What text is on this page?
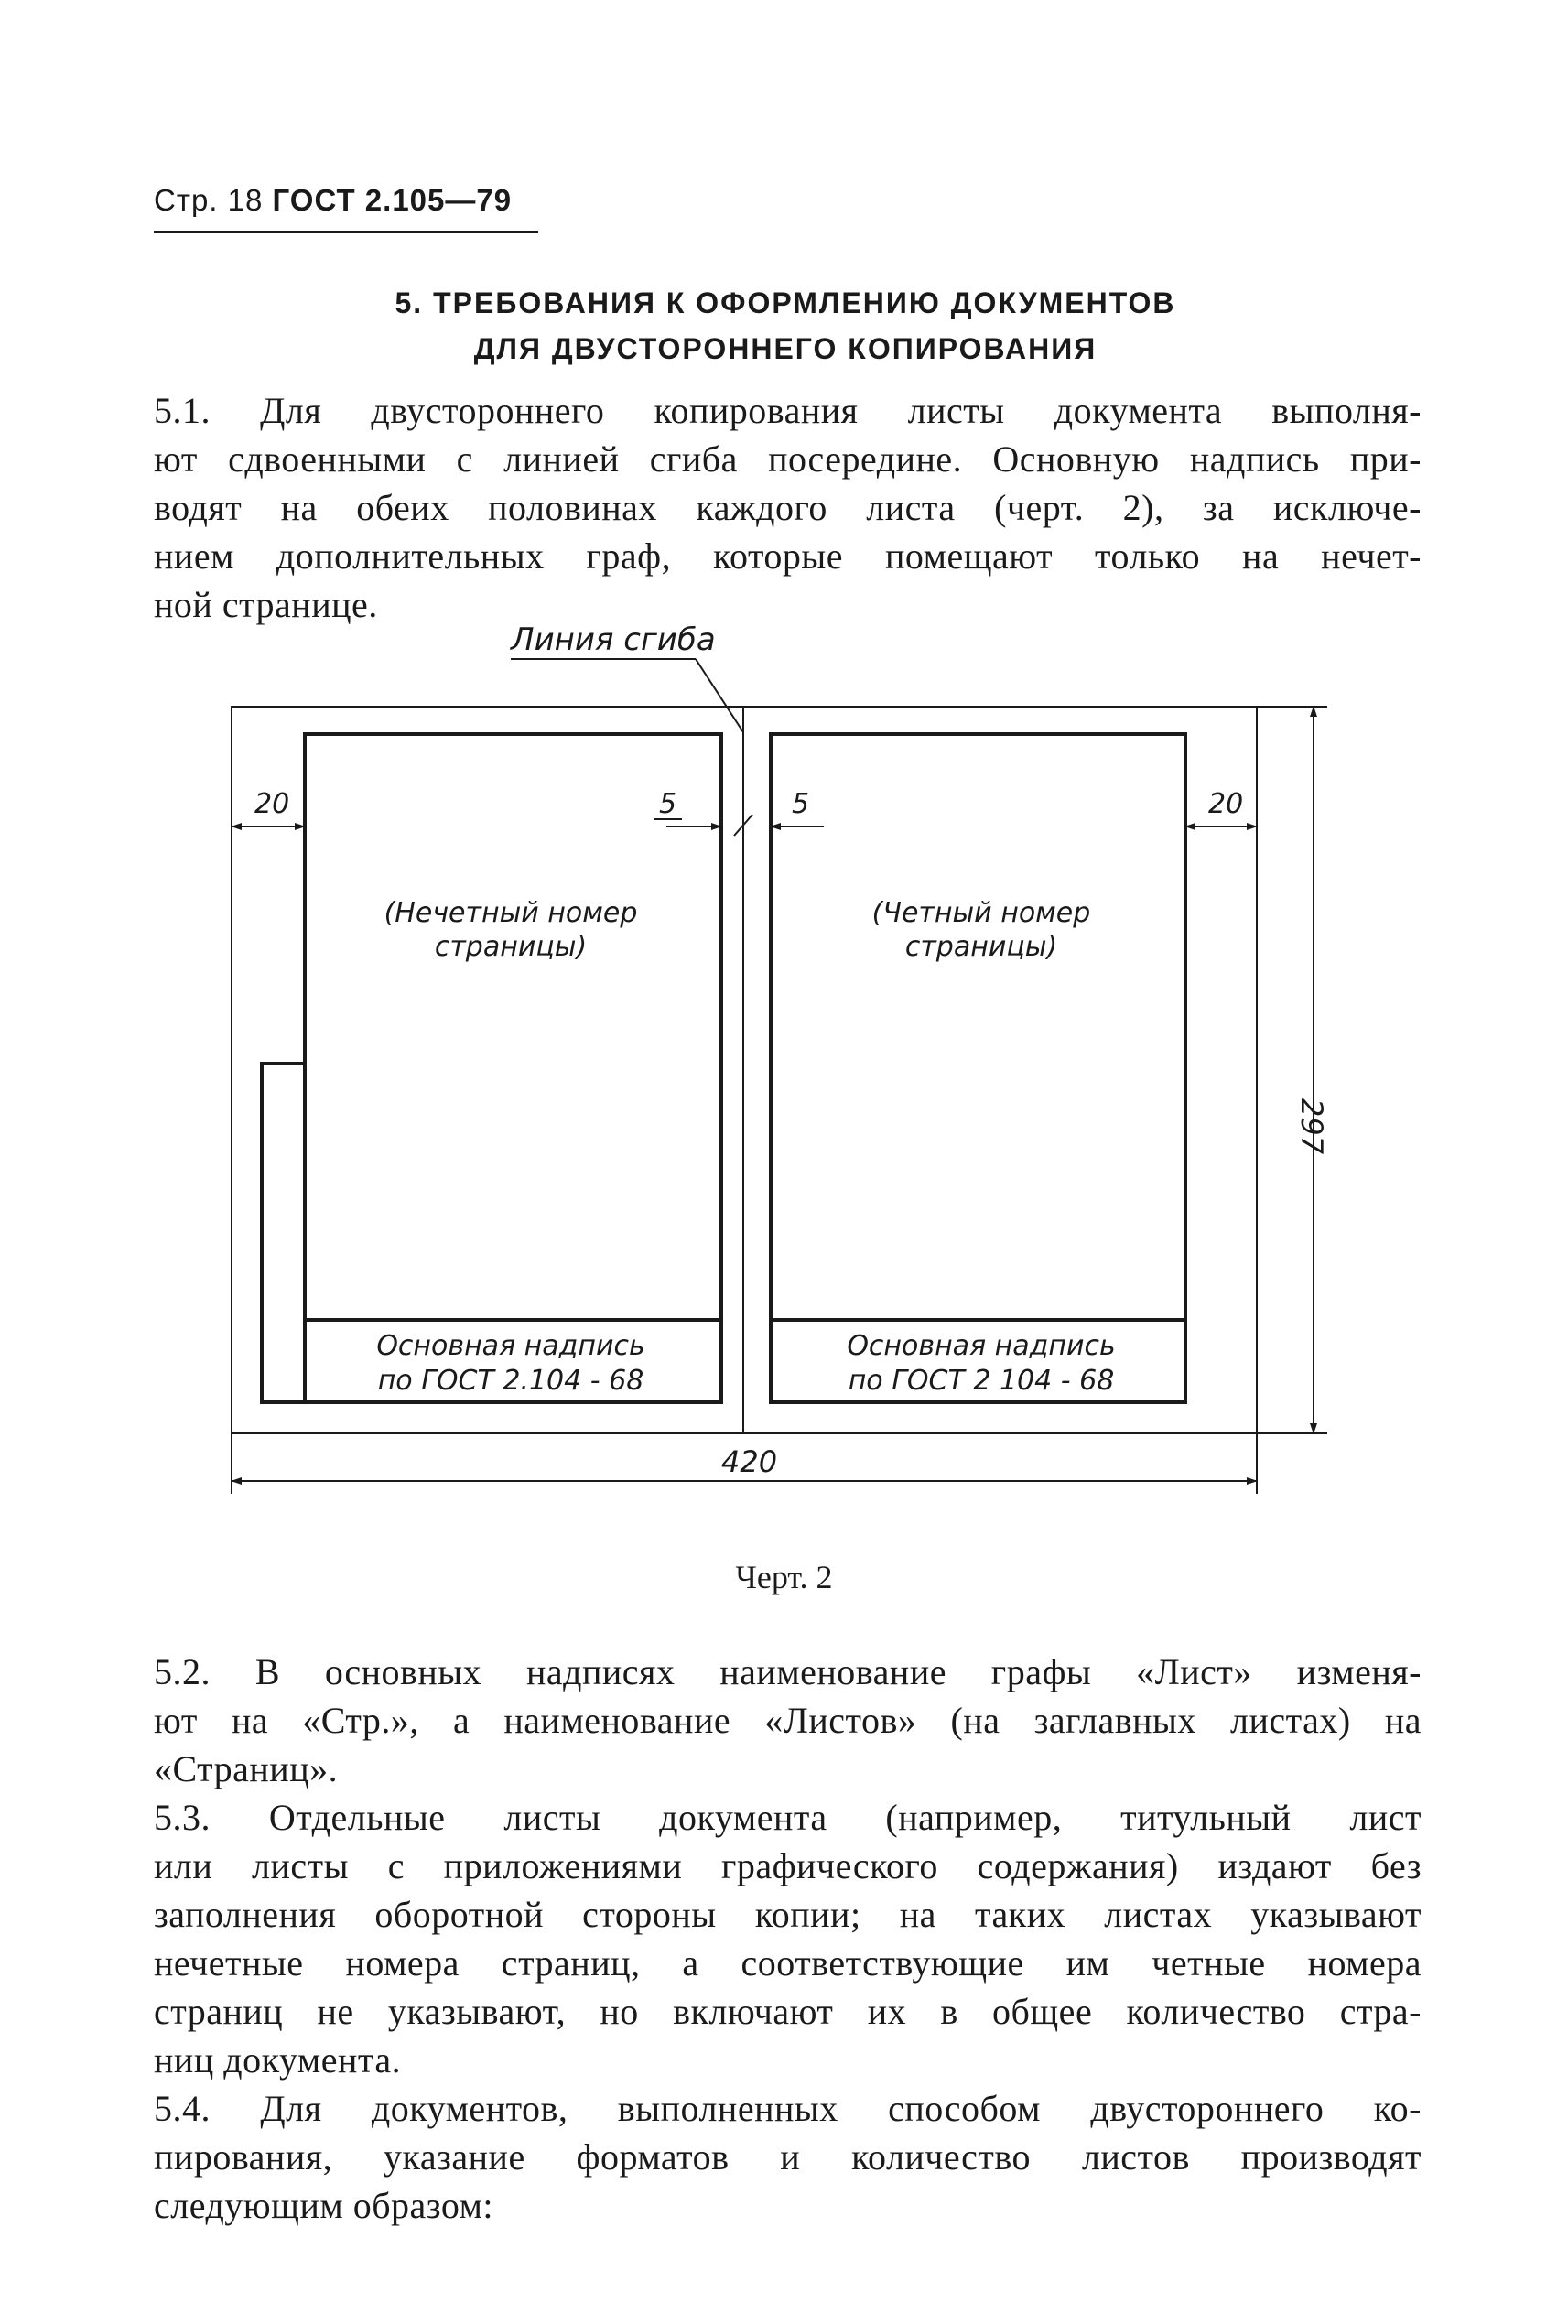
Стр. 18 ГОСТ 2.105—79
5. ТРЕБОВАНИЯ К ОФОРМЛЕНИЮ ДОКУМЕНТОВ
ДЛЯ ДВУСТОРОННЕГО КОПИРОВАНИЯ
5.1. Для двустороннего копирования листы документа выполня-
ют сдвоенными с линией сгиба посередине. Основную надпись при-
водят на обеих половинах каждого листа (черт. 2), за исключе-
нием дополнительных граф, которые помещают только на нечет-
ной странице.
Линия сгиба
20	5	5	20
297
420
(Нечетный номер
страницы)
(Четный номер
страницы)
Основная надпись
по ГОСТ 2.104 - 68
Основная надпись
по ГОСТ 2 104 - 68
Черт. 2
5.2. В основных надписях наименование графы «Лист» изменя-
ют на «Стр.», а наименование «Листов» (на заглавных листах) на
«Страниц».
5.3. Отдельные листы документа (например, титульный лист
или листы с приложениями графического содержания) издают без
заполнения оборотной стороны копии; на таких листах указывают
нечетные номера страниц, а соответствующие им четные номера
страниц не указывают, но включают их в общее количество стра-
ниц документа.
5.4. Для документов, выполненных способом двустороннего ко-
пирования, указание форматов и количество листов производят
следующим образом:
